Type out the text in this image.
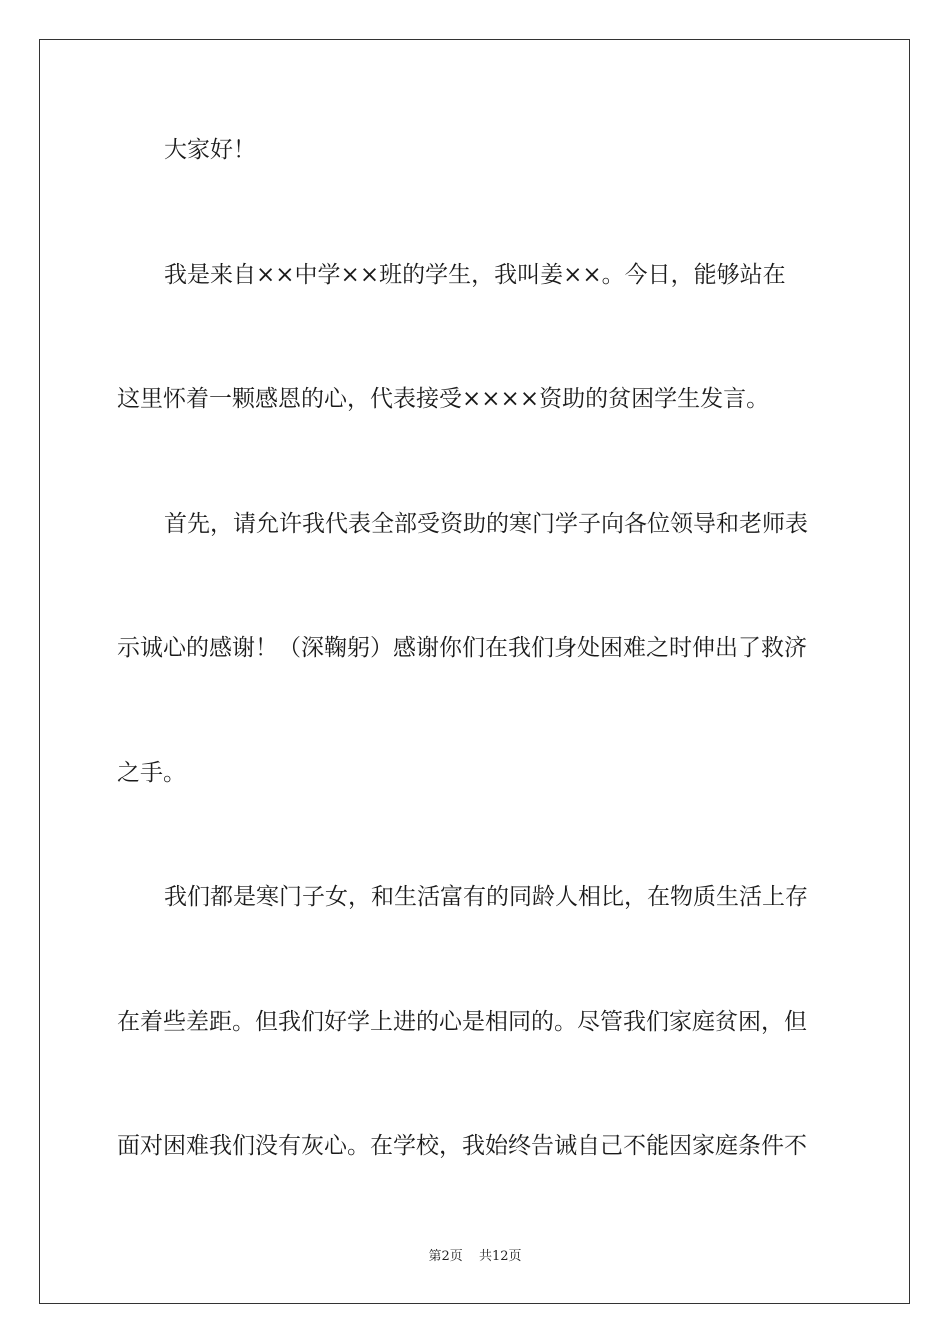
大家好！
我是来自××中学××班的学生，我叫姜××。今日，能够站在
这里怀着一颗感恩的心，代表接受××××资助的贫困学生发言。
首先，请允许我代表全部受资助的寒门学子向各位领导和老师表
示诚心的感谢！（深鞠躬）感谢你们在我们身处困难之时伸出了救济
之手。
我们都是寒门子女，和生活富有的同龄人相比，在物质生活上存
在着些差距。但我们好学上进的心是相同的。尽管我们家庭贫困，但
面对困难我们没有灰心。在学校，我始终告诫自己不能因家庭条件不
第2页 共12页
